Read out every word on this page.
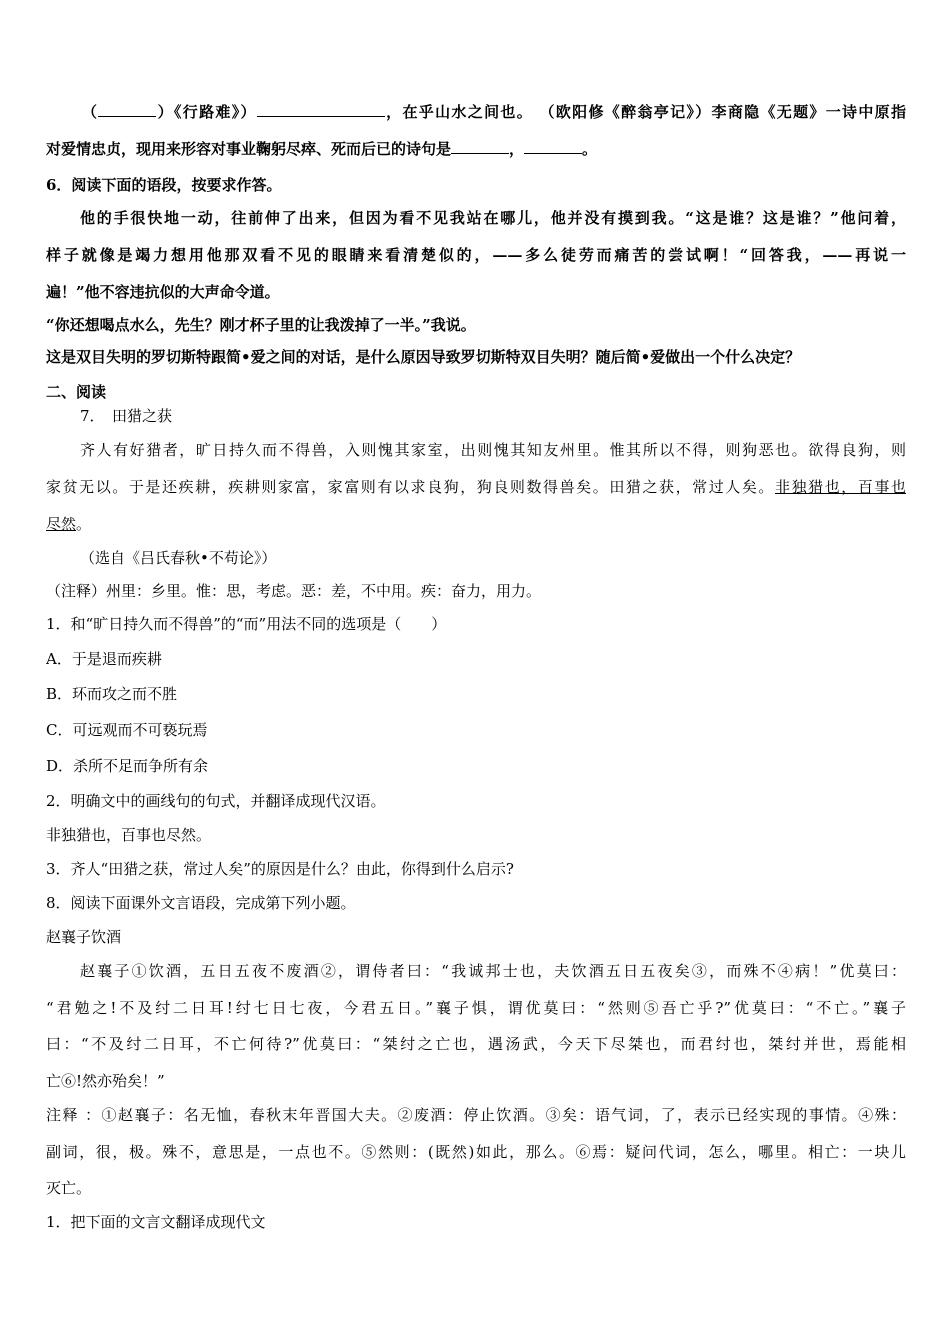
（	）《行路难》）	，在乎山水之间也。 （欧阳修《醉翁亭记》）李商隐《无题》一诗中原指
对爱情忠贞，现用来形容对事业鞠躬尽瘁、死而后已的诗句是	，	。
6．阅读下面的语段，按要求作答。
他的手很快地一动，往前伸了出来，但因为看不见我站在哪儿，他并没有摸到我。“这是谁？这是谁？”他问着，
样子就像是竭力想用他那双看不见的眼睛来看清楚似的，——多么徒劳而痛苦的尝试啊！“回答我，——再说一
遍！”他不容违抗似的大声命令道。
“你还想喝点水么，先生？刚才杯子里的让我泼掉了一半。”我说。
这是双目失明的罗切斯特跟简•爱之间的对话，是什么原因导致罗切斯特双目失明？随后简•爱做出一个什么决定？
二、阅读
7．　田猎之获
齐人有好猎者，旷日持久而不得兽，入则愧其家室，出则愧其知友州里。惟其所以不得，则狗恶也。欲得良狗，则
家贫无以。于是还疾耕，疾耕则家富，家富则有以求良狗，狗良则数得兽矣。田猎之获，常过人矣。非独猎也，百事也
尽然。
（选自《吕氏春秋•不苟论》）
（注释）州里：乡里。惟：思，考虑。恶：差，不中用。疾：奋力，用力。
1．和“旷日持久而不得兽”的“而”用法不同的选项是（　　）
A．于是退而疾耕
B．环而攻之而不胜
C．可远观而不可亵玩焉
D．杀所不足而争所有余
2．明确文中的画线句的句式，并翻译成现代汉语。
非独猎也，百事也尽然。
3．齐人“田猎之获，常过人矣”的原因是什么？由此，你得到什么启示?
8．阅读下面课外文言语段，完成第下列小题。
赵襄子饮酒
赵襄子①饮酒，五日五夜不废酒②，谓侍者曰：“我诚邦士也，夫饮酒五日五夜矣③，而殊不④病！”优莫曰：
“君勉之!不及纣二日耳!纣七日七夜，今君五日。”襄子惧，谓优莫曰：“然则⑤吾亡乎?”优莫曰：“不亡。”襄子
曰：“不及纣二日耳，不亡何待?”优莫曰：“桀纣之亡也，遇汤武，今天下尽桀也，而君纣也，桀纣并世，焉能相
亡⑥!然亦殆矣！”
注释 ：①赵襄子：名无恤，春秋末年晋国大夫。②废酒：停止饮酒。③矣：语气词，了，表示已经实现的事情。④殊：
副词，很，极。殊不，意思是，一点也不。⑤然则：(既然)如此，那么。⑥焉：疑问代词，怎么，哪里。相亡：一块儿
灭亡。
1．把下面的文言文翻译成现代文
